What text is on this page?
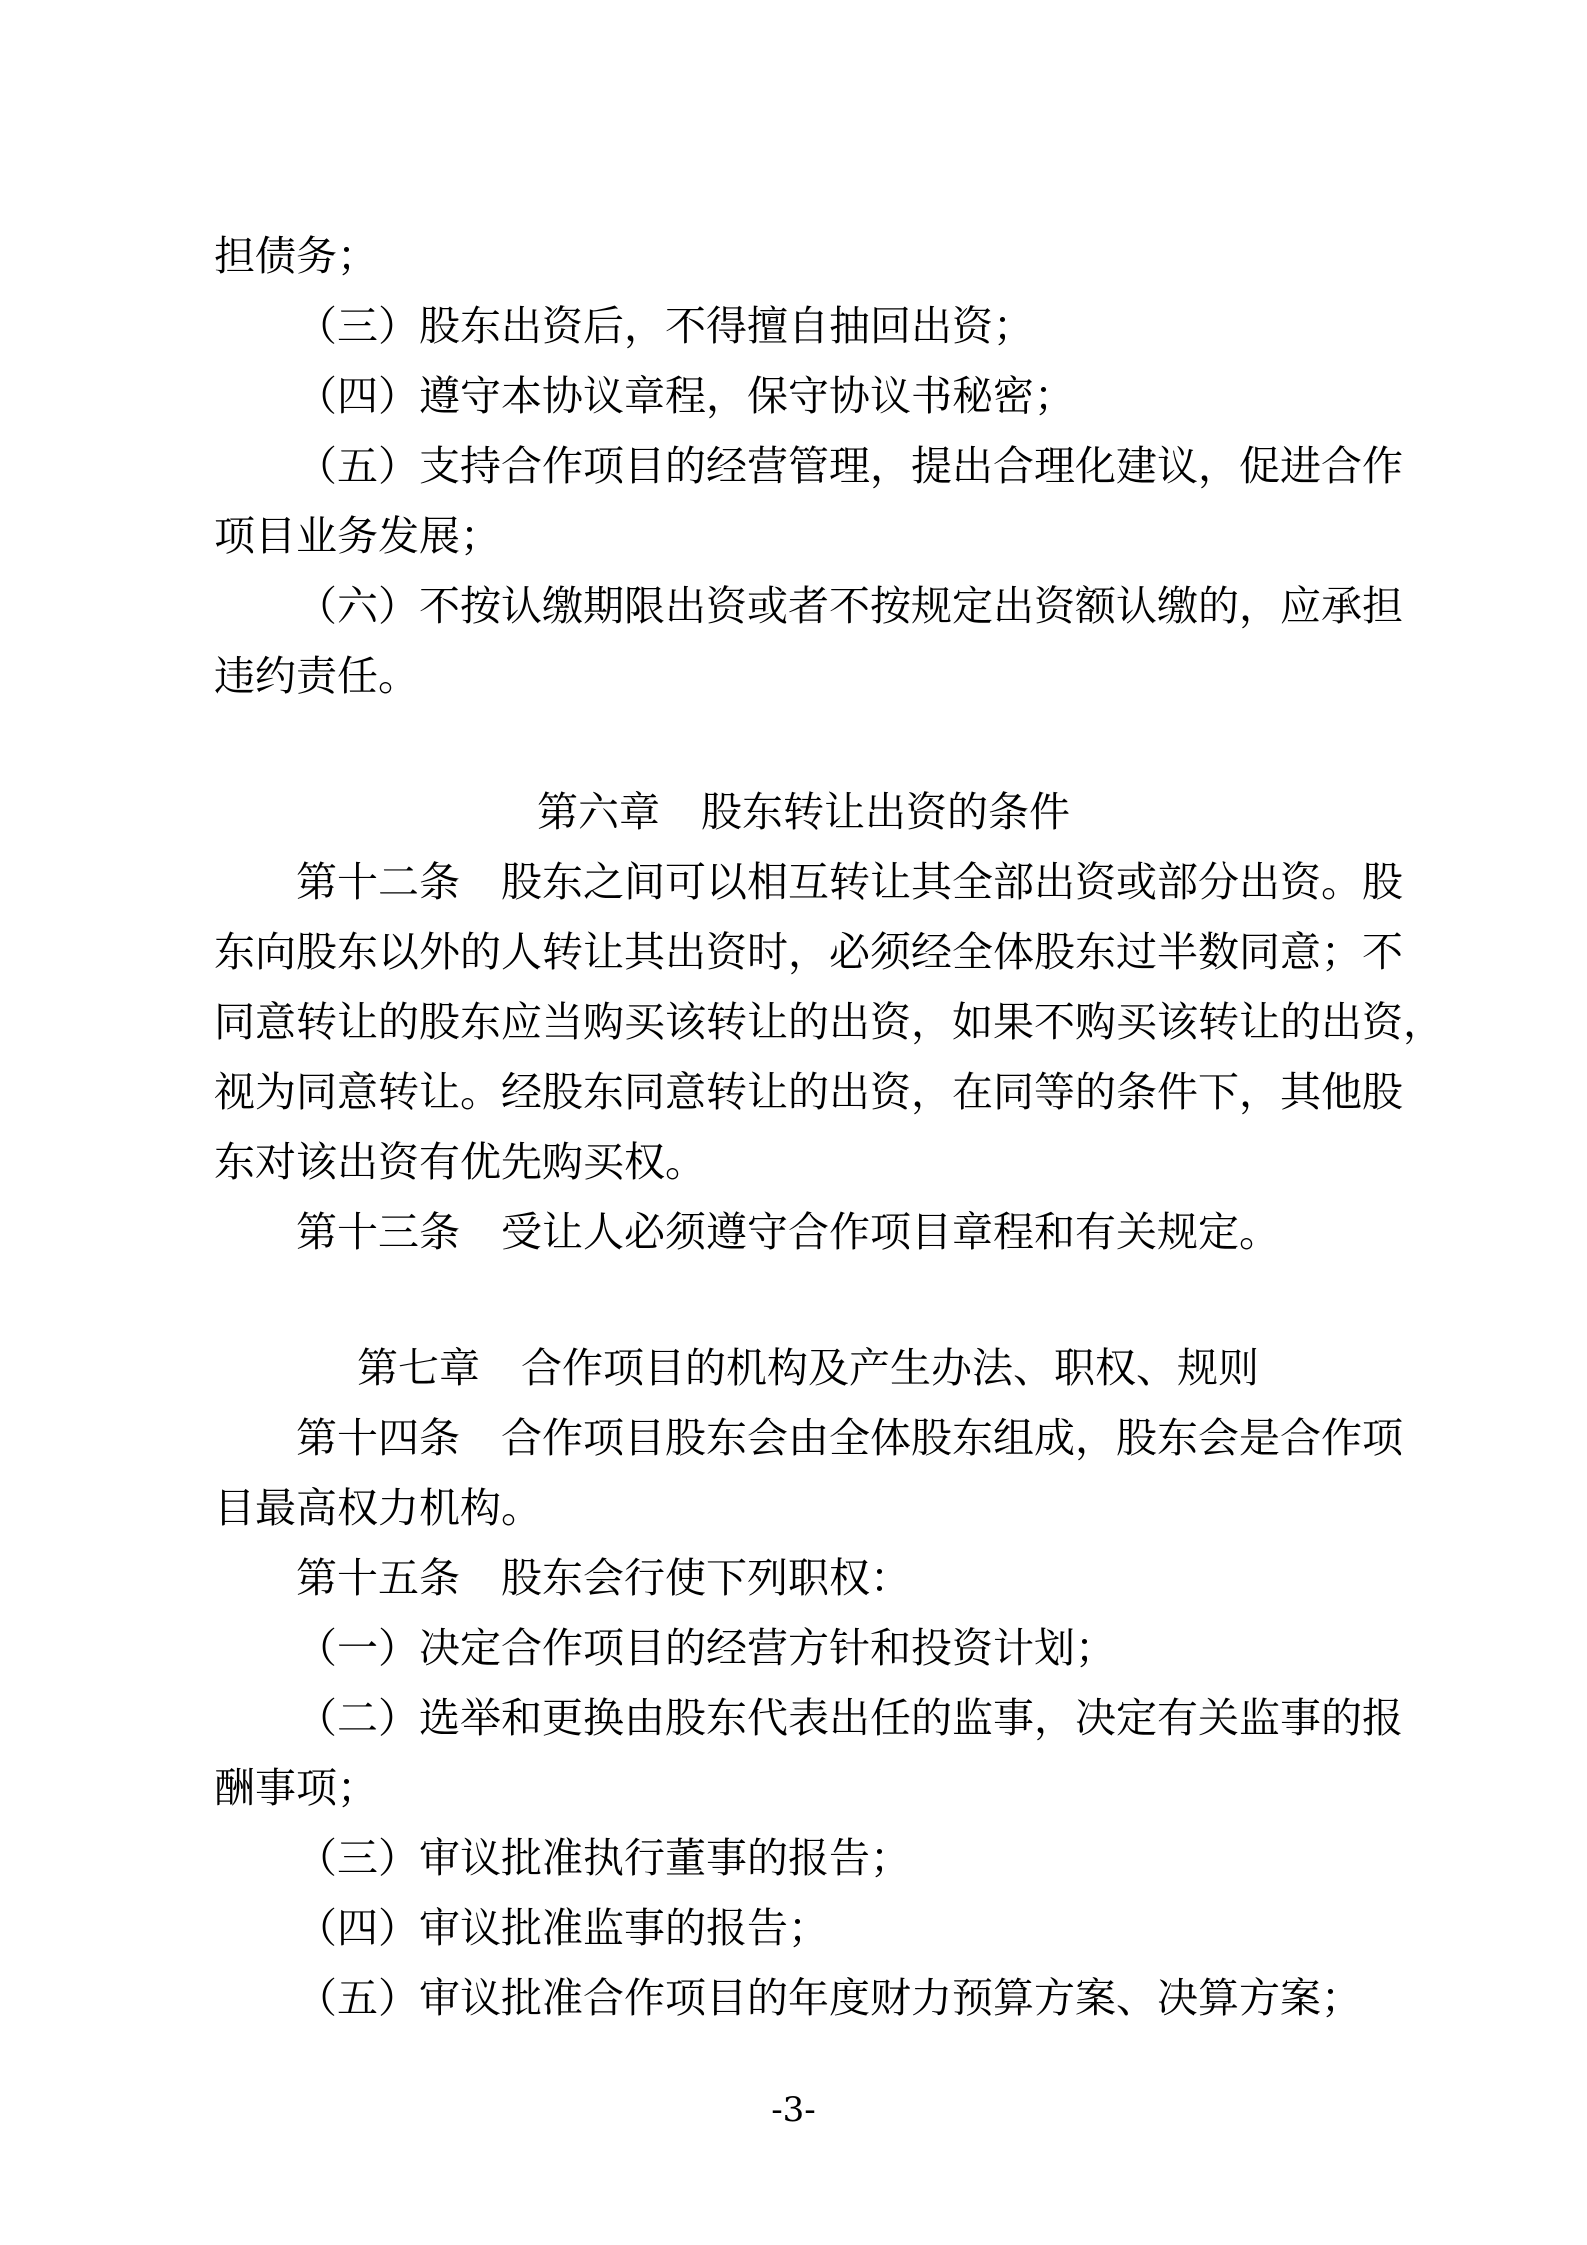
担债务；
（三）股东出资后，不得擅自抽回出资；
（四）遵守本协议章程，保守协议书秘密；
（五）支持合作项目的经营管理，提出合理化建议，促进合作
项目业务发展；
（六）不按认缴期限出资或者不按规定出资额认缴的，应承担
违约责任。
第六章　股东转让出资的条件
第十二条　股东之间可以相互转让其全部出资或部分出资。股
东向股东以外的人转让其出资时，必须经全体股东过半数同意；不
同意转让的股东应当购买该转让的出资，如果不购买该转让的出资，
视为同意转让。经股东同意转让的出资，在同等的条件下，其他股
东对该出资有优先购买权。
第十三条　受让人必须遵守合作项目章程和有关规定。
第七章　合作项目的机构及产生办法、职权、规则
第十四条　合作项目股东会由全体股东组成，股东会是合作项
目最高权力机构。
第十五条　股东会行使下列职权：
（一）决定合作项目的经营方针和投资计划；
（二）选举和更换由股东代表出任的监事，决定有关监事的报
酬事项；
（三）审议批准执行董事的报告；
（四）审议批准监事的报告；
（五）审议批准合作项目的年度财力预算方案、决算方案；
-3-
